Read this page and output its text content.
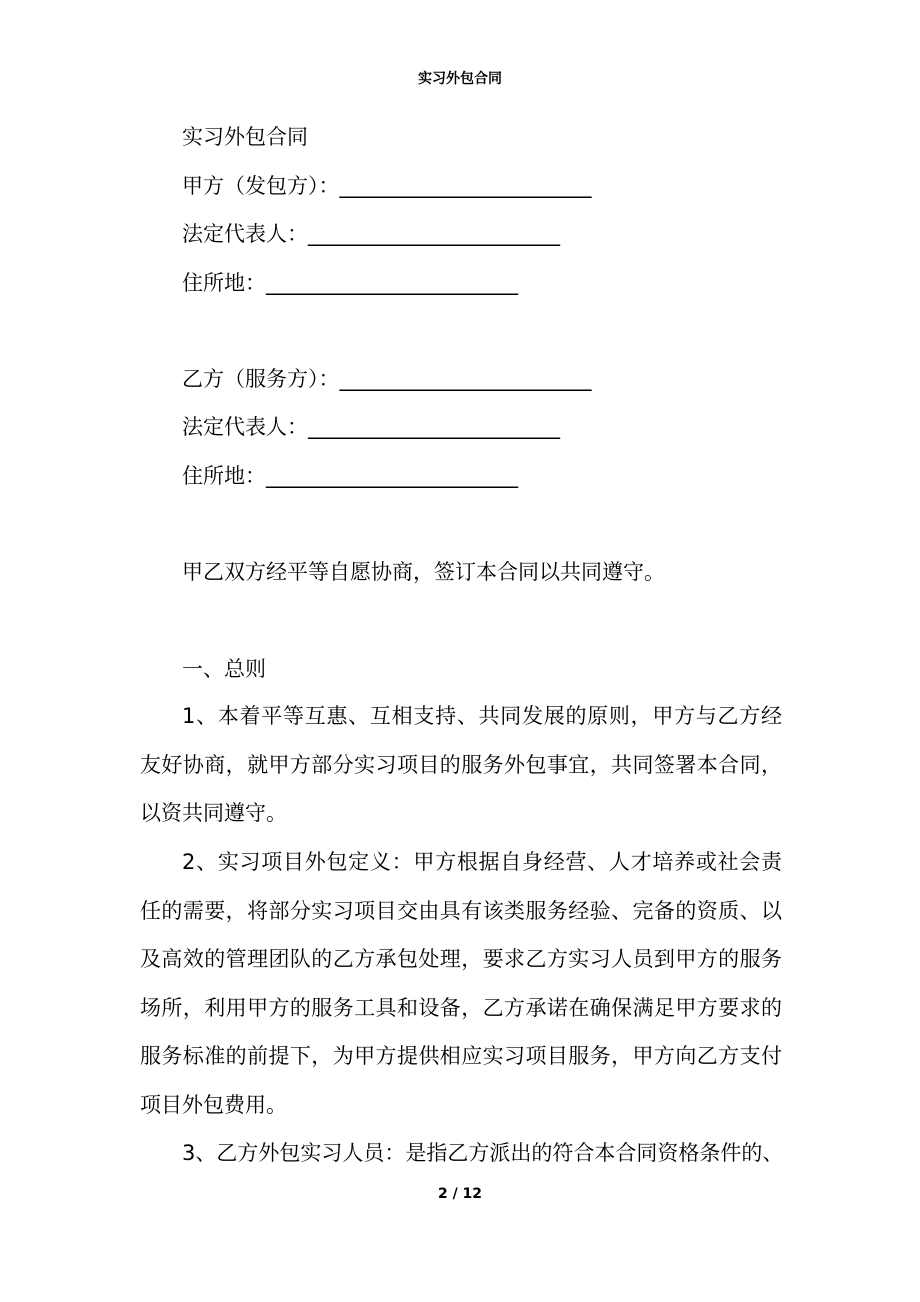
实习外包合同
实习外包合同
甲方（发包方）：________________________
法定代表人：________________________
住所地：________________________
乙方（服务方）：________________________
法定代表人：________________________
住所地：________________________
甲乙双方经平等自愿协商，签订本合同以共同遵守。
一、总则
1、本着平等互惠、互相支持、共同发展的原则，甲方与乙方经友好协商，就甲方部分实习项目的服务外包事宜，共同签署本合同，以资共同遵守。
2、实习项目外包定义：甲方根据自身经营、人才培养或社会责任的需要，将部分实习项目交由具有该类服务经验、完备的资质、以及高效的管理团队的乙方承包处理，要求乙方实习人员到甲方的服务场所，利用甲方的服务工具和设备，乙方承诺在确保满足甲方要求的服务标准的前提下，为甲方提供相应实习项目服务，甲方向乙方支付项目外包费用。
3、乙方外包实习人员：是指乙方派出的符合本合同资格条件的、
2 / 12
